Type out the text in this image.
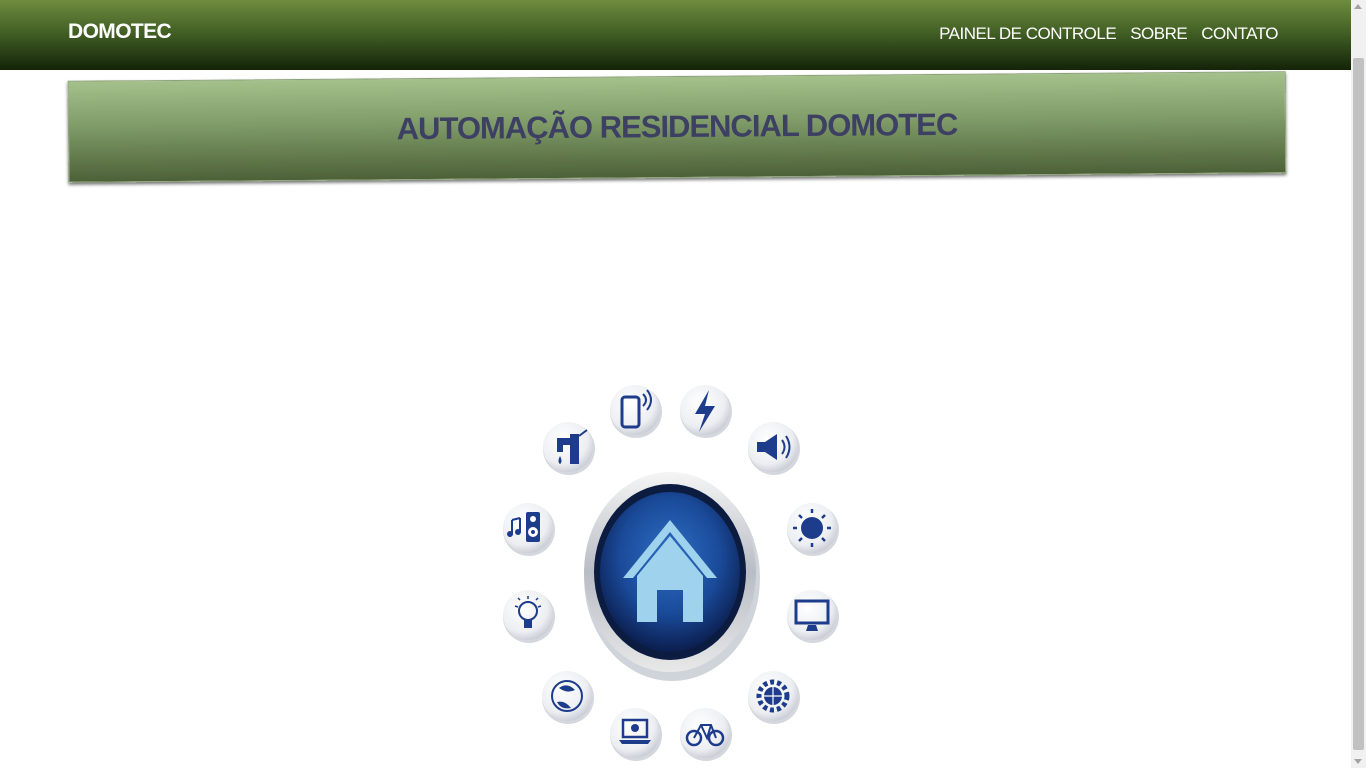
DOMOTEC	PAINEL DE CONTROLE SOBRE CONTATO
AUTOMAÇÃO RESIDENCIAL DOMOTEC
